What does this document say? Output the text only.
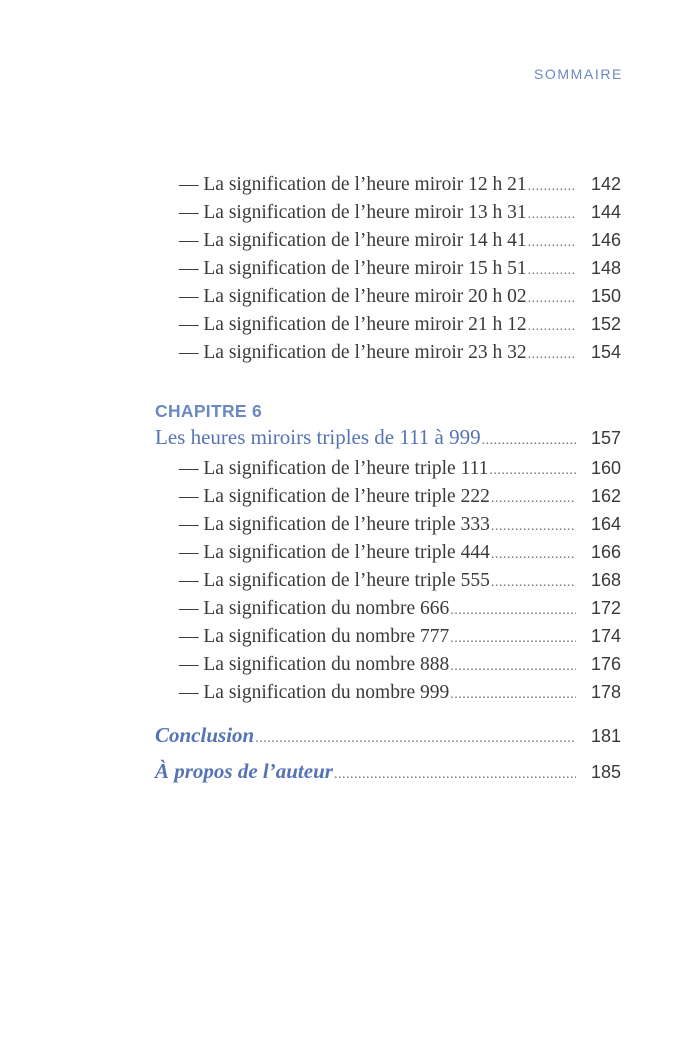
SOMMAIRE
— La signification de l’heure miroir 12 h 21 .....	142
— La signification de l’heure miroir 13 h 31 .....	144
— La signification de l’heure miroir 14 h 41 .....	146
— La signification de l’heure miroir 15 h 51 .....	148
— La signification de l’heure miroir 20 h 02 .....	150
— La signification de l’heure miroir 21 h 12 .....	152
— La signification de l’heure miroir 23 h 32 .....	154
CHAPITRE 6
Les heures miroirs triples de 111 à 999 .....	157
— La signification de l’heure triple 111 .....	160
— La signification de l’heure triple 222 .....	162
— La signification de l’heure triple 333 .....	164
— La signification de l’heure triple 444 .....	166
— La signification de l’heure triple 555 .....	168
— La signification du nombre 666 .....	172
— La signification du nombre 777 .....	174
— La signification du nombre 888 .....	176
— La signification du nombre 999 .....	178
Conclusion .....	181
À propos de l’auteur .....	185
